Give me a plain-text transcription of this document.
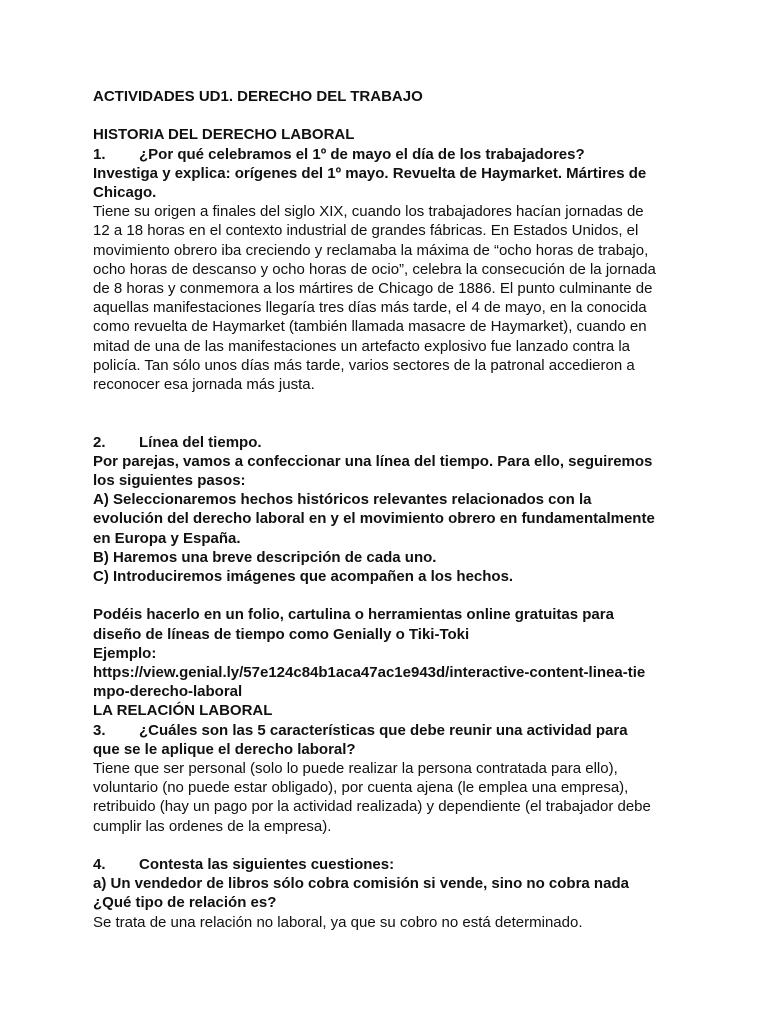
ACTIVIDADES UD1. DERECHO DEL TRABAJO

HISTORIA DEL DERECHO LABORAL

1. ¿Por qué celebramos el 1º de mayo el día de los trabajadores?

Investiga y explica: orígenes del 1º mayo. Revuelta de Haymarket. Mártires de

Chicago.

Tiene su origen a finales del siglo XIX, cuando los trabajadores hacían jornadas de

12 a 18 horas en el contexto industrial de grandes fábricas. En Estados Unidos, el

movimiento obrero iba creciendo y reclamaba la máxima de “ocho horas de trabajo,

ocho horas de descanso y ocho horas de ocio”, celebra la consecución de la jornada

de 8 horas y conmemora a los mártires de Chicago de 1886. El punto culminante de

aquellas manifestaciones llegaría tres días más tarde, el 4 de mayo, en la conocida

como revuelta de Haymarket (también llamada masacre de Haymarket), cuando en

mitad de una de las manifestaciones un artefacto explosivo fue lanzado contra la

policía. Tan sólo unos días más tarde, varios sectores de la patronal accedieron a

reconocer esa jornada más justa.

2. Línea del tiempo.

Por parejas, vamos a confeccionar una línea del tiempo. Para ello, seguiremos

los siguientes pasos:

A) Seleccionaremos hechos históricos relevantes relacionados con la

evolución del derecho laboral en y el movimiento obrero en fundamentalmente

en Europa y España.

B) Haremos una breve descripción de cada uno.

C) Introduciremos imágenes que acompañen a los hechos.

Podéis hacerlo en un folio, cartulina o herramientas online gratuitas para

diseño de líneas de tiempo como Genially o Tiki-Toki

Ejemplo:

https://view.genial.ly/57e124c84b1aca47ac1e943d/interactive-content-linea-tie

mpo-derecho-laboral

LA RELACIÓN LABORAL

3. ¿Cuáles son las 5 características que debe reunir una actividad para

que se le aplique el derecho laboral?

Tiene que ser personal (solo lo puede realizar la persona contratada para ello),

voluntario (no puede estar obligado), por cuenta ajena (le emplea una empresa),

retribuido (hay un pago por la actividad realizada) y dependiente (el trabajador debe

cumplir las ordenes de la empresa).

4. Contesta las siguientes cuestiones:

a) Un vendedor de libros sólo cobra comisión si vende, sino no cobra nada

¿Qué tipo de relación es?

Se trata de una relación no laboral, ya que su cobro no está determinado.
